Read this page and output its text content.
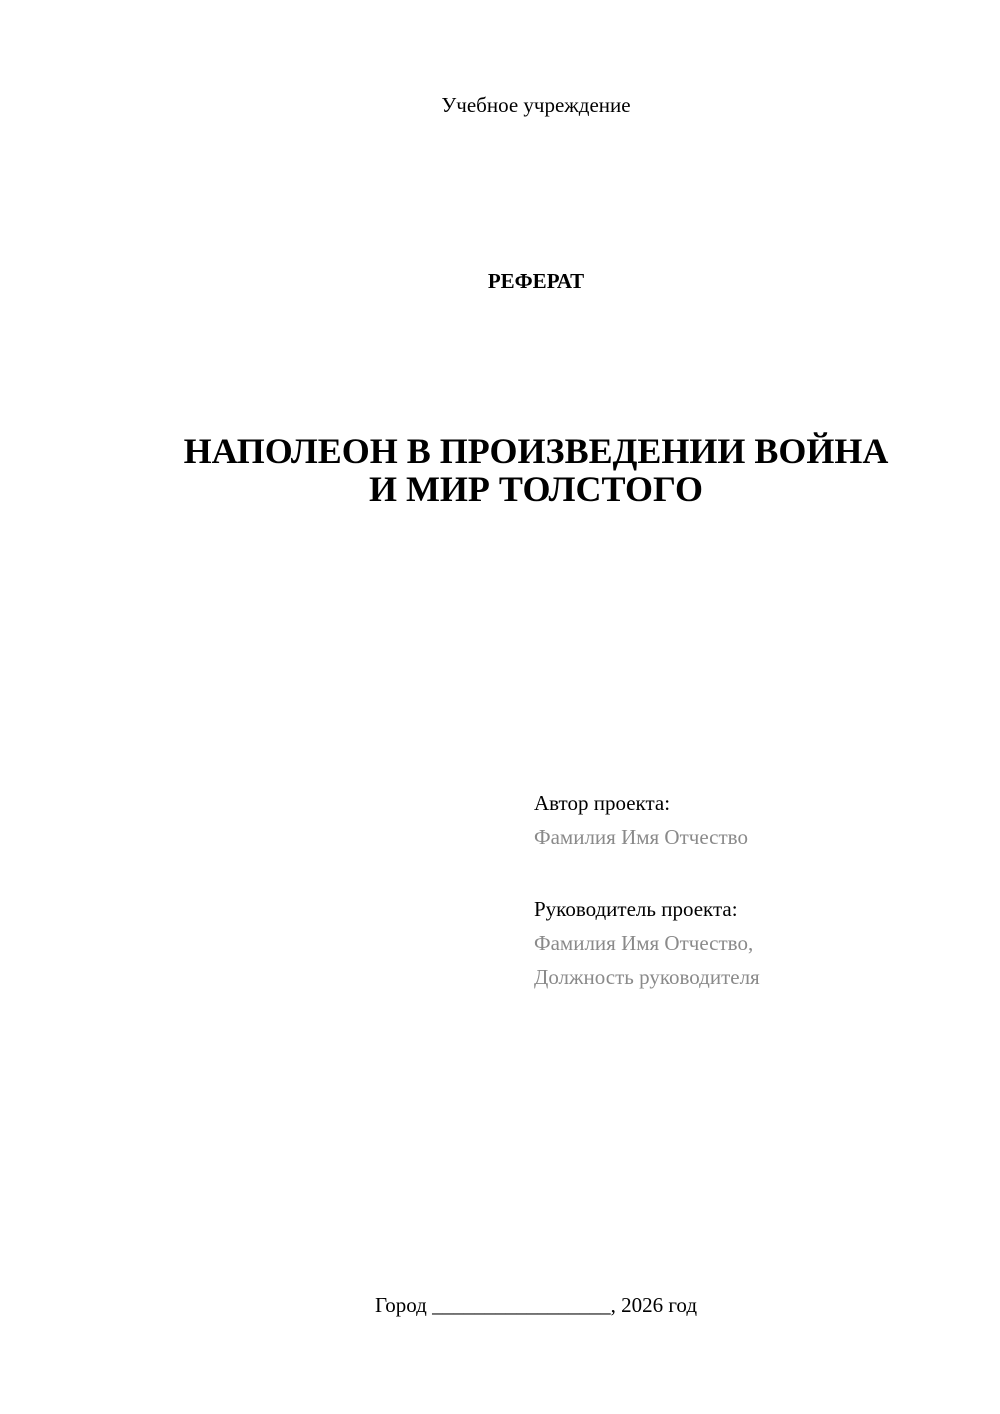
Учебное учреждение
РЕФЕРАТ
НАПОЛЕОН В ПРОИЗВЕДЕНИИ ВОЙНА
И МИР ТОЛСТОГО
Автор проекта:
Фамилия Имя Отчество
Руководитель проекта:
Фамилия Имя Отчество,
Должность руководителя
Город _________________, 2026 год
